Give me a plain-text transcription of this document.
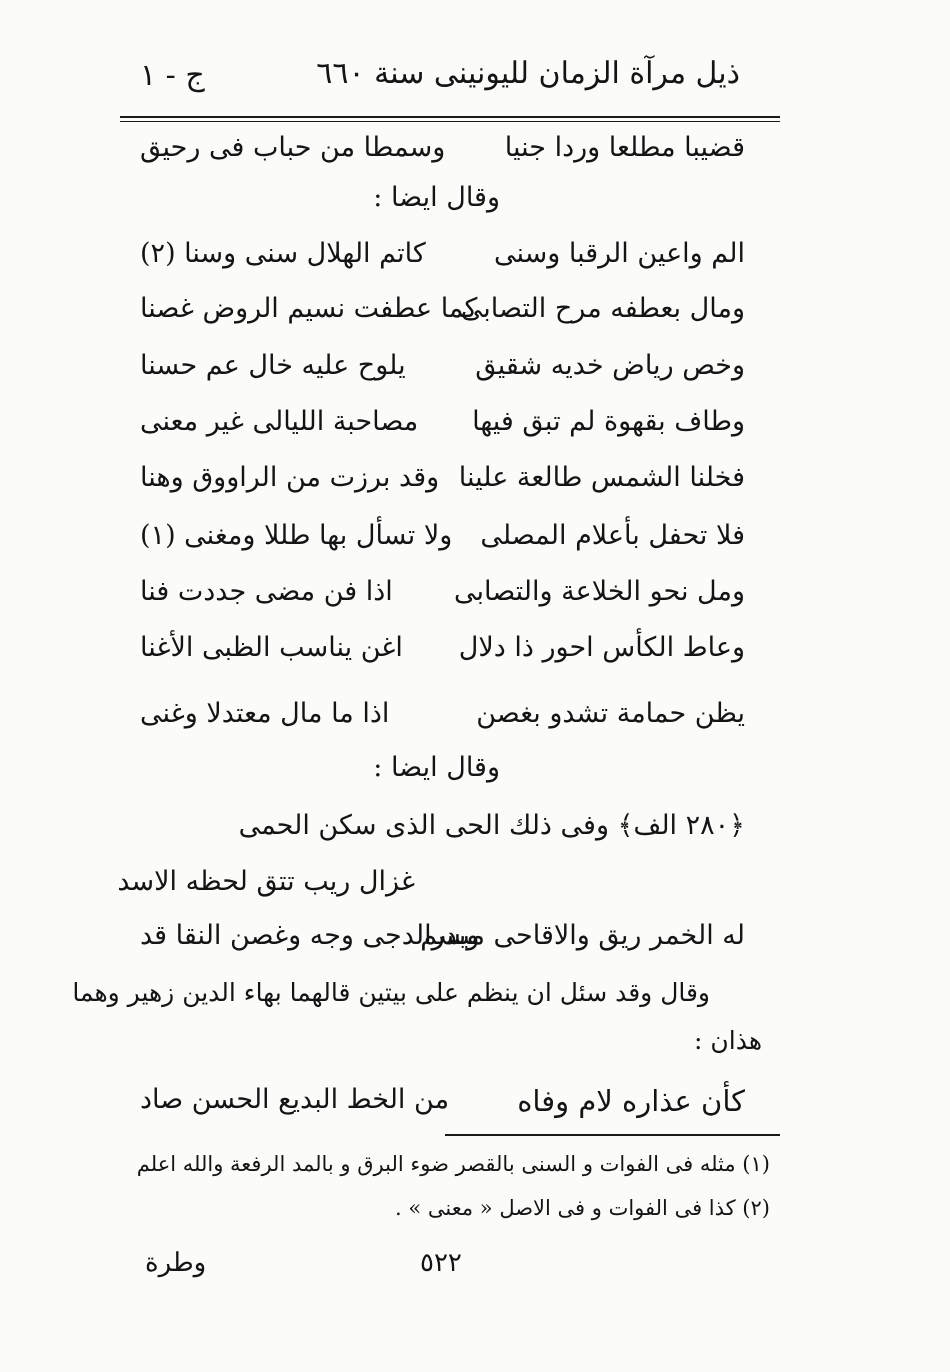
ذيل مرآة الزمان لليونينى سنة ٦٦٠
ج - ١
قضيبا مطلعا وردا جنيا
وسمطا من حباب فى رحيق
وقال ايضا :
الم واعين الرقبا وسنى
كاتم الهلال سنى وسنا (٢)
ومال بعطفه مرح التصابى
كما عطفت نسيم الروض غصنا
وخص رياض خديه شقيق
يلوح عليه خال عم حسنا
وطاف بقهوة لم تبق فيها
مصاحبة الليالى غير معنى
فخلنا الشمس طالعة علينا
وقد برزت من الراووق وهنا
فلا تحفل بأعلام المصلى
ولا تسأل بها طللا ومغنى (١)
ومل نحو الخلاعة والتصابى
اذا فن مضى جددت فنا
وعاط الكأس احور ذا دلال
اغن يناسب الظبى الأغنا
يظن حمامة تشدو بغصن
اذا ما مال معتدلا وغنى
وقال ايضا :
﴿٢٨٠ الف﴾ وفى ذلك الحى الذى سكن الحمى
غزال ريب تتق لحظه الاسد
له الخمر ريق والاقاحى مبسم
وبدرالدجى وجه وغصن النقا قد
وقال وقد سئل ان ينظم على بيتين قالهما بهاء الدين زهير وهما
هذان :
كأن عذاره لام وفاه
من الخط البديع الحسن صاد
(١) مثله فى الفوات و السنى بالقصر ضوء البرق و بالمد الرفعة والله اعلم
(٢) كذا فى الفوات و فى الاصل « معنى » .
٥٢٢
وطرة
